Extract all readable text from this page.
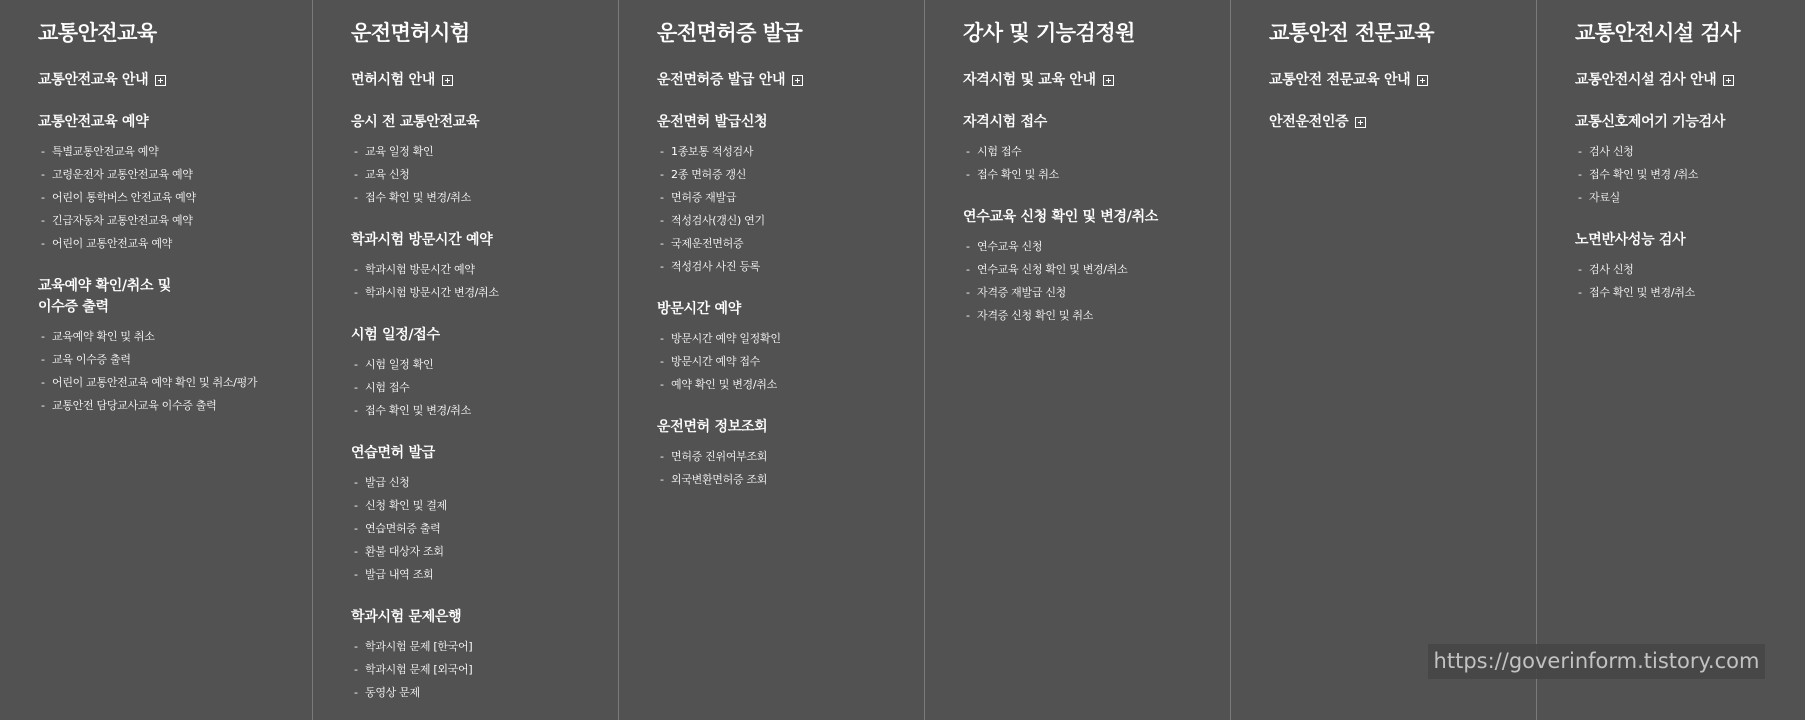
교통안전교육
교통안전교육 안내
교통안전교육 예약
- 특별교통안전교육 예약
- 고령운전자 교통안전교육 예약
- 어린이 통학버스 안전교육 예약
- 긴급자동차 교통안전교육 예약
- 어린이 교통안전교육 예약
교육예약 확인/취소 및
이수증 출력
- 교육예약 확인 및 취소
- 교육 이수증 출력
- 어린이 교통안전교육 예약 확인 및 취소/평가
- 교통안전 담당교사교육 이수증 출력
운전면허시험
면허시험 안내
응시 전 교통안전교육
- 교육 일정 확인
- 교육 신청
- 접수 확인 및 변경/취소
학과시험 방문시간 예약
- 학과시험 방문시간 예약
- 학과시험 방문시간 변경/취소
시험 일정/접수
- 시험 일정 확인
- 시험 접수
- 접수 확인 및 변경/취소
연습면허 발급
- 발급 신청
- 신청 확인 및 결제
- 연습면허증 출력
- 환불 대상자 조회
- 발급 내역 조회
학과시험 문제은행
- 학과시험 문제 [한국어]
- 학과시험 문제 [외국어]
- 동영상 문제
운전면허증 발급
운전면허증 발급 안내
운전면허 발급신청
- 1종보통 적성검사
- 2종 면허증 갱신
- 면허증 재발급
- 적성검사(갱신) 연기
- 국제운전면허증
- 적성검사 사진 등록
방문시간 예약
- 방문시간 예약 일정확인
- 방문시간 예약 접수
- 예약 확인 및 변경/취소
운전면허 정보조회
- 면허증 진위여부조회
- 외국변환면허증 조회
강사 및 기능검정원
자격시험 및 교육 안내
자격시험 접수
- 시험 접수
- 접수 확인 및 취소
연수교육 신청 확인 및 변경/취소
- 연수교육 신청
- 연수교육 신청 확인 및 변경/취소
- 자격증 재발급 신청
- 자격증 신청 확인 및 취소
교통안전 전문교육
교통안전 전문교육 안내
안전운전인증
교통안전시설 검사
교통안전시설 검사 안내
교통신호제어기 기능검사
- 검사 신청
- 접수 확인 및 변경 /취소
- 자료실
노면반사성능 검사
- 검사 신청
- 접수 확인 및 변경/취소
https://goverinform.tistory.com
